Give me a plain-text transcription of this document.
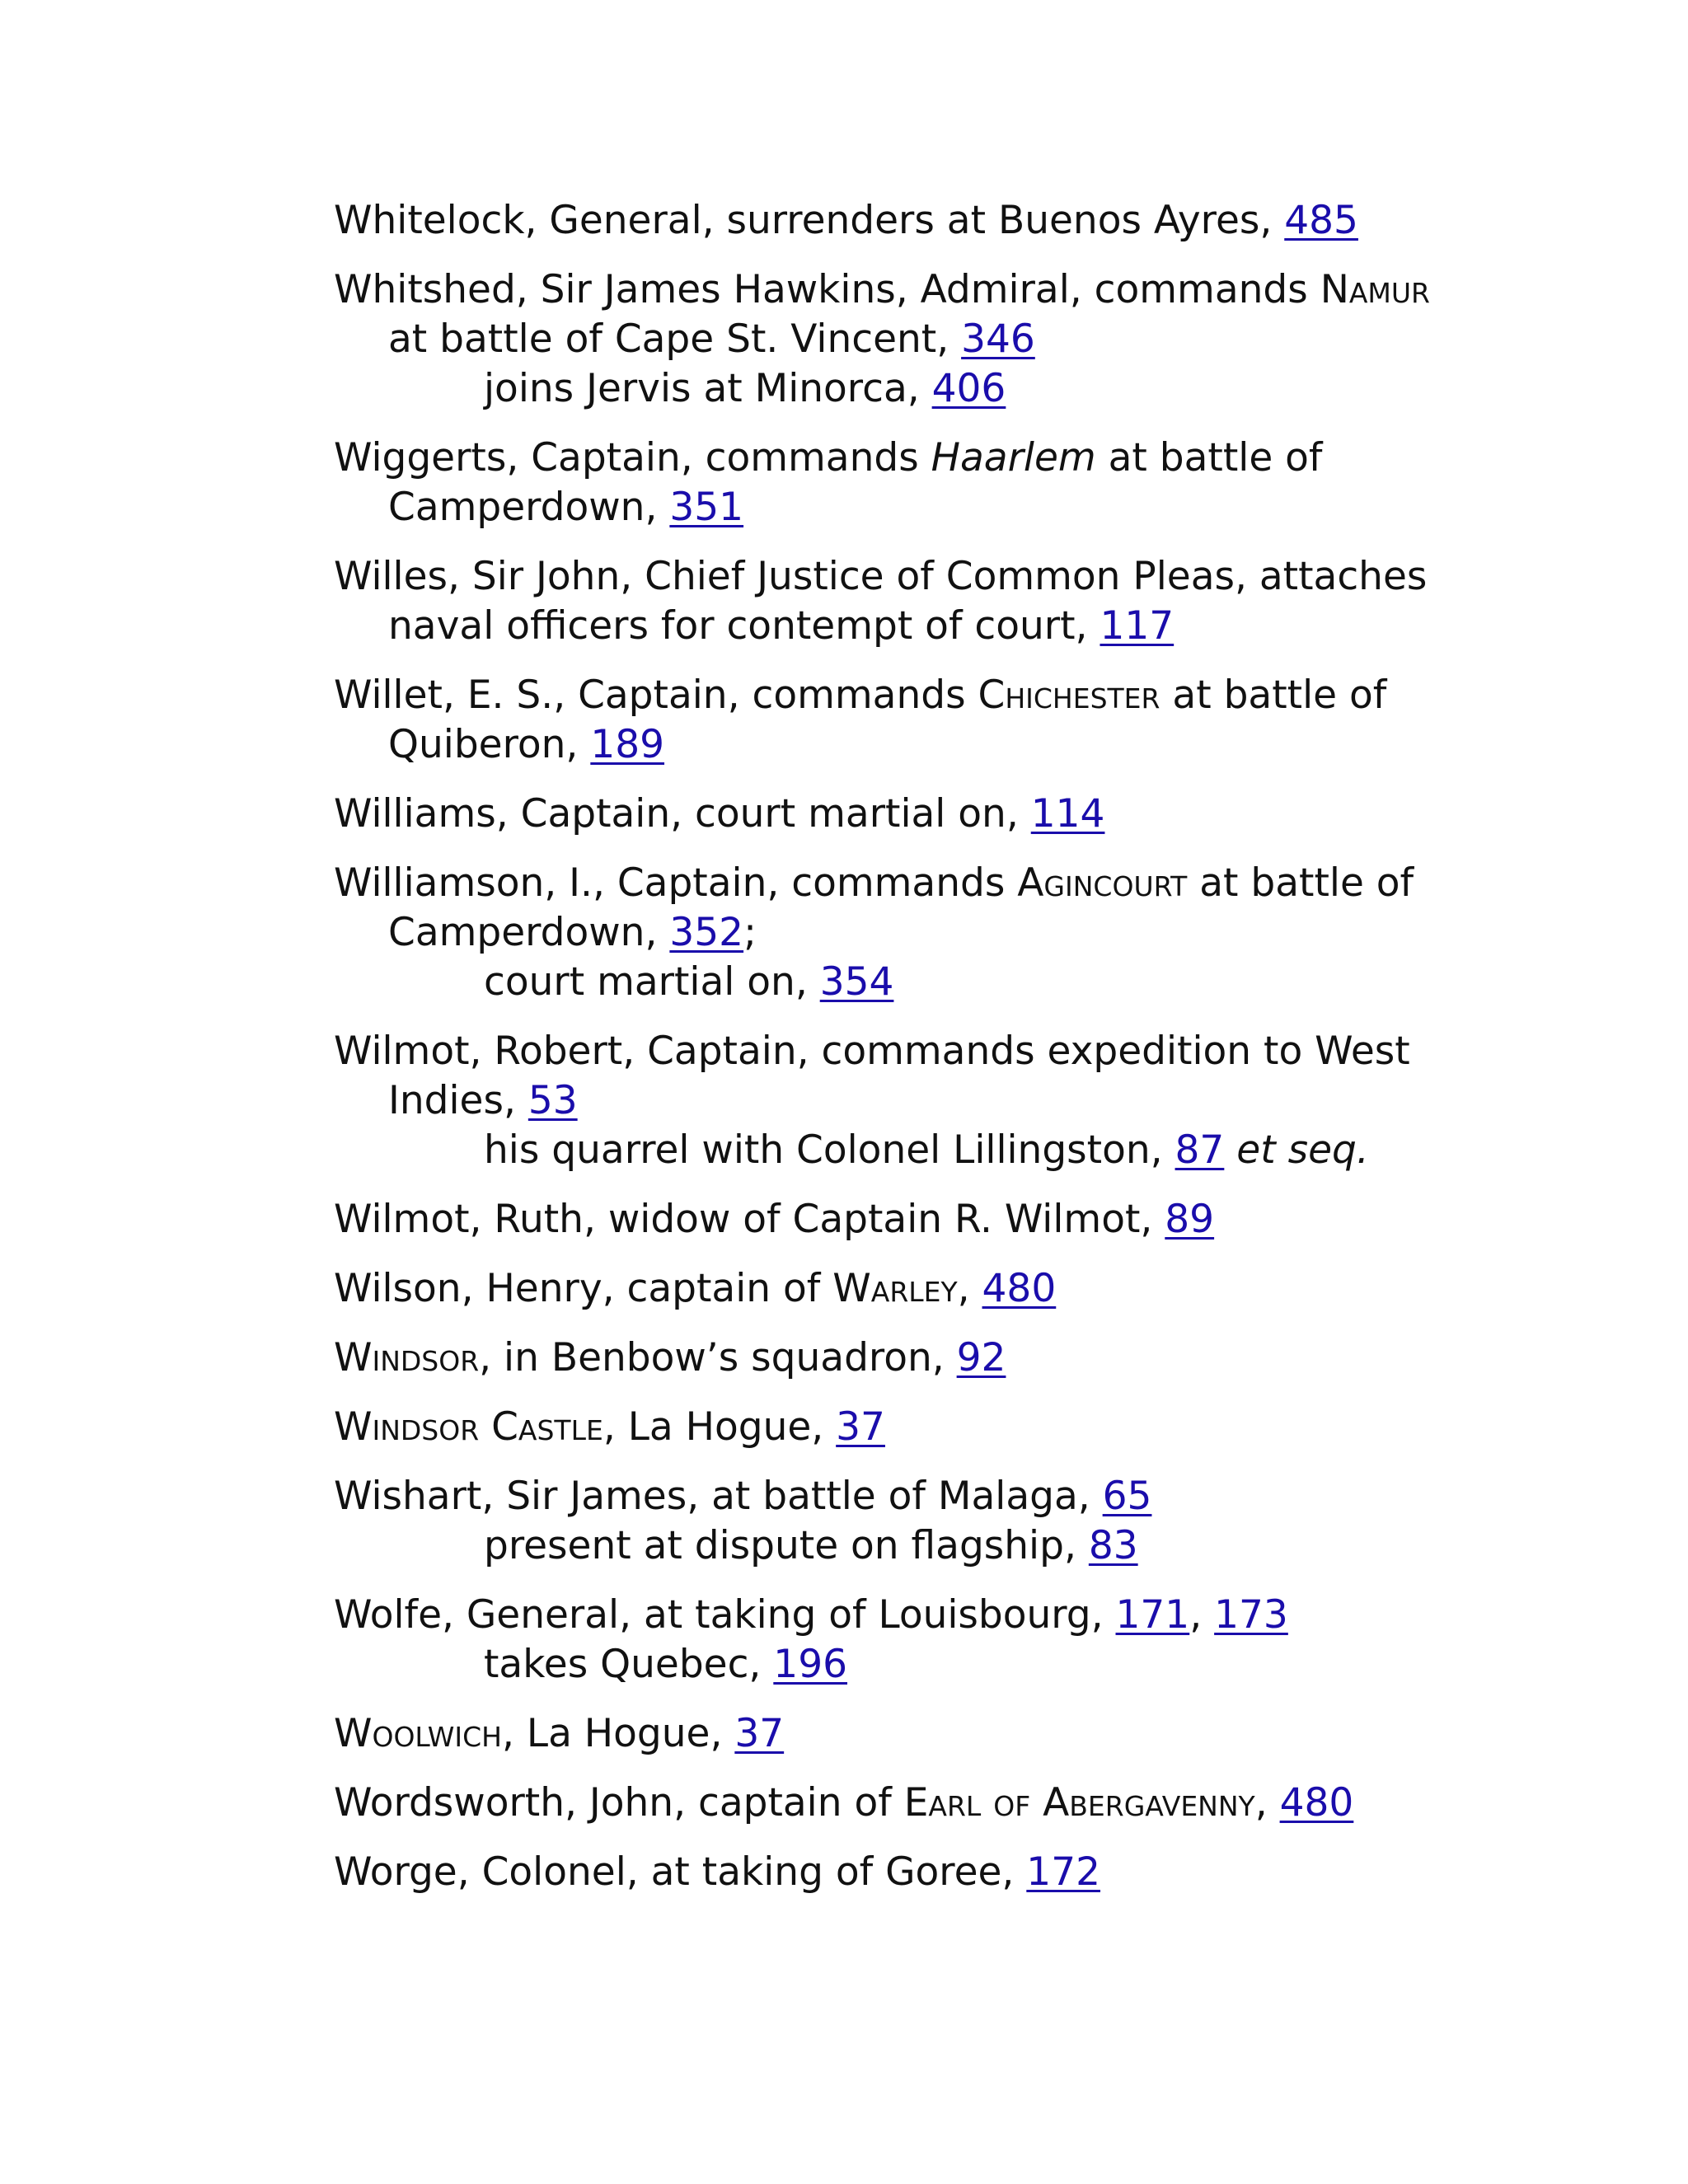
Whitelock, General, surrenders at Buenos Ayres, 485
Whitshed, Sir James Hawkins, Admiral, commands Namur at battle of Cape St. Vincent, 346
joins Jervis at Minorca, 406
Wiggerts, Captain, commands Haarlem at battle of Camperdown, 351
Willes, Sir John, Chief Justice of Common Pleas, attaches naval officers for contempt of court, 117
Willet, E. S., Captain, commands Chichester at battle of Quiberon, 189
Williams, Captain, court martial on, 114
Williamson, I., Captain, commands Agincourt at battle of Camperdown, 352;
court martial on, 354
Wilmot, Robert, Captain, commands expedition to West Indies, 53
his quarrel with Colonel Lillingston, 87 et seq.
Wilmot, Ruth, widow of Captain R. Wilmot, 89
Wilson, Henry, captain of Warley, 480
Windsor, in Benbow’s squadron, 92
Windsor Castle, La Hogue, 37
Wishart, Sir James, at battle of Malaga, 65
present at dispute on flagship, 83
Wolfe, General, at taking of Louisbourg, 171, 173
takes Quebec, 196
Woolwich, La Hogue, 37
Wordsworth, John, captain of Earl of Abergavenny, 480
Worge, Colonel, at taking of Goree, 172
